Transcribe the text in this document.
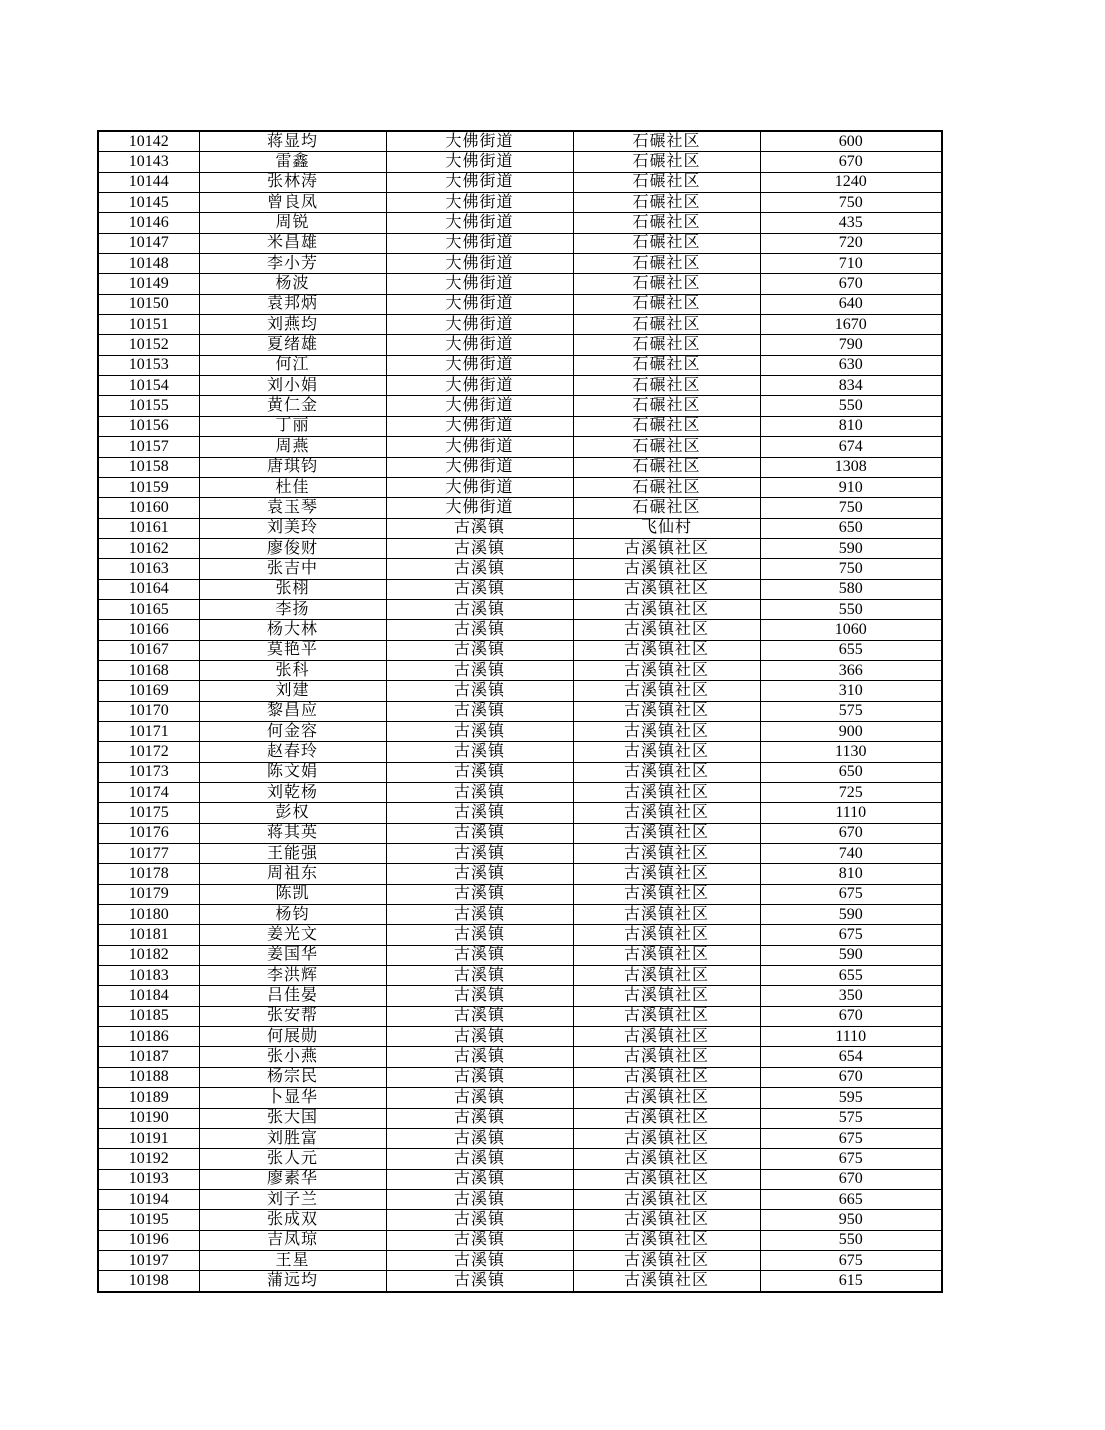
10142	蒋显均	大佛街道	石碾社区	600
10143	雷鑫	大佛街道	石碾社区	670
10144	张林涛	大佛街道	石碾社区	1240
10145	曾良凤	大佛街道	石碾社区	750
10146	周锐	大佛街道	石碾社区	435
10147	米昌雄	大佛街道	石碾社区	720
10148	李小芳	大佛街道	石碾社区	710
10149	杨波	大佛街道	石碾社区	670
10150	袁邦炳	大佛街道	石碾社区	640
10151	刘燕均	大佛街道	石碾社区	1670
10152	夏绪雄	大佛街道	石碾社区	790
10153	何江	大佛街道	石碾社区	630
10154	刘小娟	大佛街道	石碾社区	834
10155	黄仁金	大佛街道	石碾社区	550
10156	丁丽	大佛街道	石碾社区	810
10157	周燕	大佛街道	石碾社区	674
10158	唐琪钧	大佛街道	石碾社区	1308
10159	杜佳	大佛街道	石碾社区	910
10160	袁玉琴	大佛街道	石碾社区	750
10161	刘美玲	古溪镇	飞仙村	650
10162	廖俊财	古溪镇	古溪镇社区	590
10163	张吉中	古溪镇	古溪镇社区	750
10164	张栩	古溪镇	古溪镇社区	580
10165	李扬	古溪镇	古溪镇社区	550
10166	杨大林	古溪镇	古溪镇社区	1060
10167	莫艳平	古溪镇	古溪镇社区	655
10168	张科	古溪镇	古溪镇社区	366
10169	刘建	古溪镇	古溪镇社区	310
10170	黎昌应	古溪镇	古溪镇社区	575
10171	何金容	古溪镇	古溪镇社区	900
10172	赵春玲	古溪镇	古溪镇社区	1130
10173	陈文娟	古溪镇	古溪镇社区	650
10174	刘乾杨	古溪镇	古溪镇社区	725
10175	彭权	古溪镇	古溪镇社区	1110
10176	蒋其英	古溪镇	古溪镇社区	670
10177	王能强	古溪镇	古溪镇社区	740
10178	周祖东	古溪镇	古溪镇社区	810
10179	陈凯	古溪镇	古溪镇社区	675
10180	杨钧	古溪镇	古溪镇社区	590
10181	姜光文	古溪镇	古溪镇社区	675
10182	姜国华	古溪镇	古溪镇社区	590
10183	李洪辉	古溪镇	古溪镇社区	655
10184	吕佳晏	古溪镇	古溪镇社区	350
10185	张安帮	古溪镇	古溪镇社区	670
10186	何展勋	古溪镇	古溪镇社区	1110
10187	张小燕	古溪镇	古溪镇社区	654
10188	杨宗民	古溪镇	古溪镇社区	670
10189	卜显华	古溪镇	古溪镇社区	595
10190	张大国	古溪镇	古溪镇社区	575
10191	刘胜富	古溪镇	古溪镇社区	675
10192	张人元	古溪镇	古溪镇社区	675
10193	廖素华	古溪镇	古溪镇社区	670
10194	刘子兰	古溪镇	古溪镇社区	665
10195	张成双	古溪镇	古溪镇社区	950
10196	吉凤琼	古溪镇	古溪镇社区	550
10197	王星	古溪镇	古溪镇社区	675
10198	蒲远均	古溪镇	古溪镇社区	615
